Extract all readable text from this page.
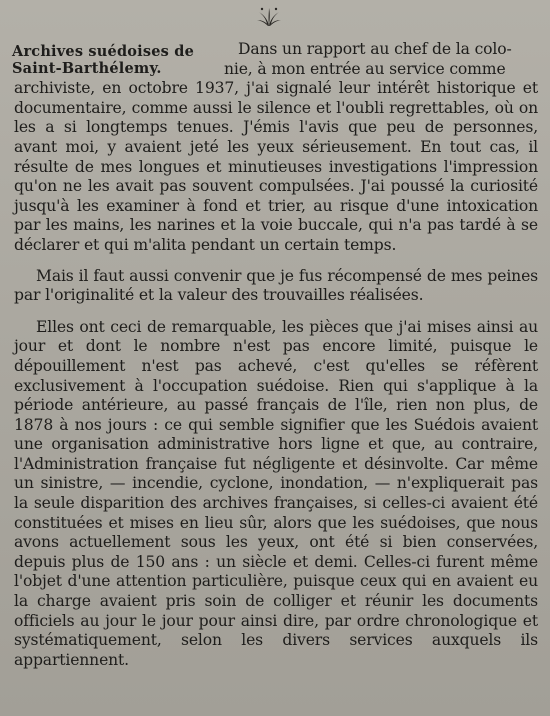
Archives suédoises de
Saint-Barthélemy.

Dans un rapport au chef de la colo-

nie, à mon entrée au service comme

archiviste, en octobre 1937, j'ai signalé leur intérêt historique et documentaire, comme aussi le silence et l'oubli regrettables, où on les a si longtemps tenues. J'émis l'avis que peu de personnes, avant moi, y avaient jeté les yeux sérieusement. En tout cas, il résulte de mes longues et minutieuses investigations l'impression qu'on ne les avait pas souvent compulsées. J'ai poussé la curiosité jusqu'à les examiner à fond et trier, au risque d'une intoxication par les mains, les narines et la voie buccale, qui n'a pas tardé à se déclarer et qui m'alita pendant un certain temps.

Mais il faut aussi convenir que je fus récompensé de mes peines par l'originalité et la valeur des trouvailles réalisées.

Elles ont ceci de remarquable, les pièces que j'ai mises ainsi au jour et dont le nombre n'est pas encore limité, puisque le dépouillement n'est pas achevé, c'est qu'elles se réfèrent exclusivement à l'occupation suédoise. Rien qui s'applique à la période antérieure, au passé français de l'île, rien non plus, de 1878 à nos jours : ce qui semble signifier que les Suédois avaient une organisation administrative hors ligne et que, au contraire, l'Administration française fut négligente et désinvolte. Car même un sinistre, — incendie, cyclone, inondation, — n'expliquerait pas la seule disparition des archives françaises, si celles-ci avaient été constituées et mises en lieu sûr, alors que les suédoises, que nous avons actuellement sous les yeux, ont été si bien conservées, depuis plus de 150 ans : un siècle et demi. Celles-ci furent même l'objet d'une attention particulière, puisque ceux qui en avaient eu la charge avaient pris soin de colliger et réunir les documents officiels au jour le jour pour ainsi dire, par ordre chronologique et systématiquement, selon les divers services auxquels ils appartiennent.
